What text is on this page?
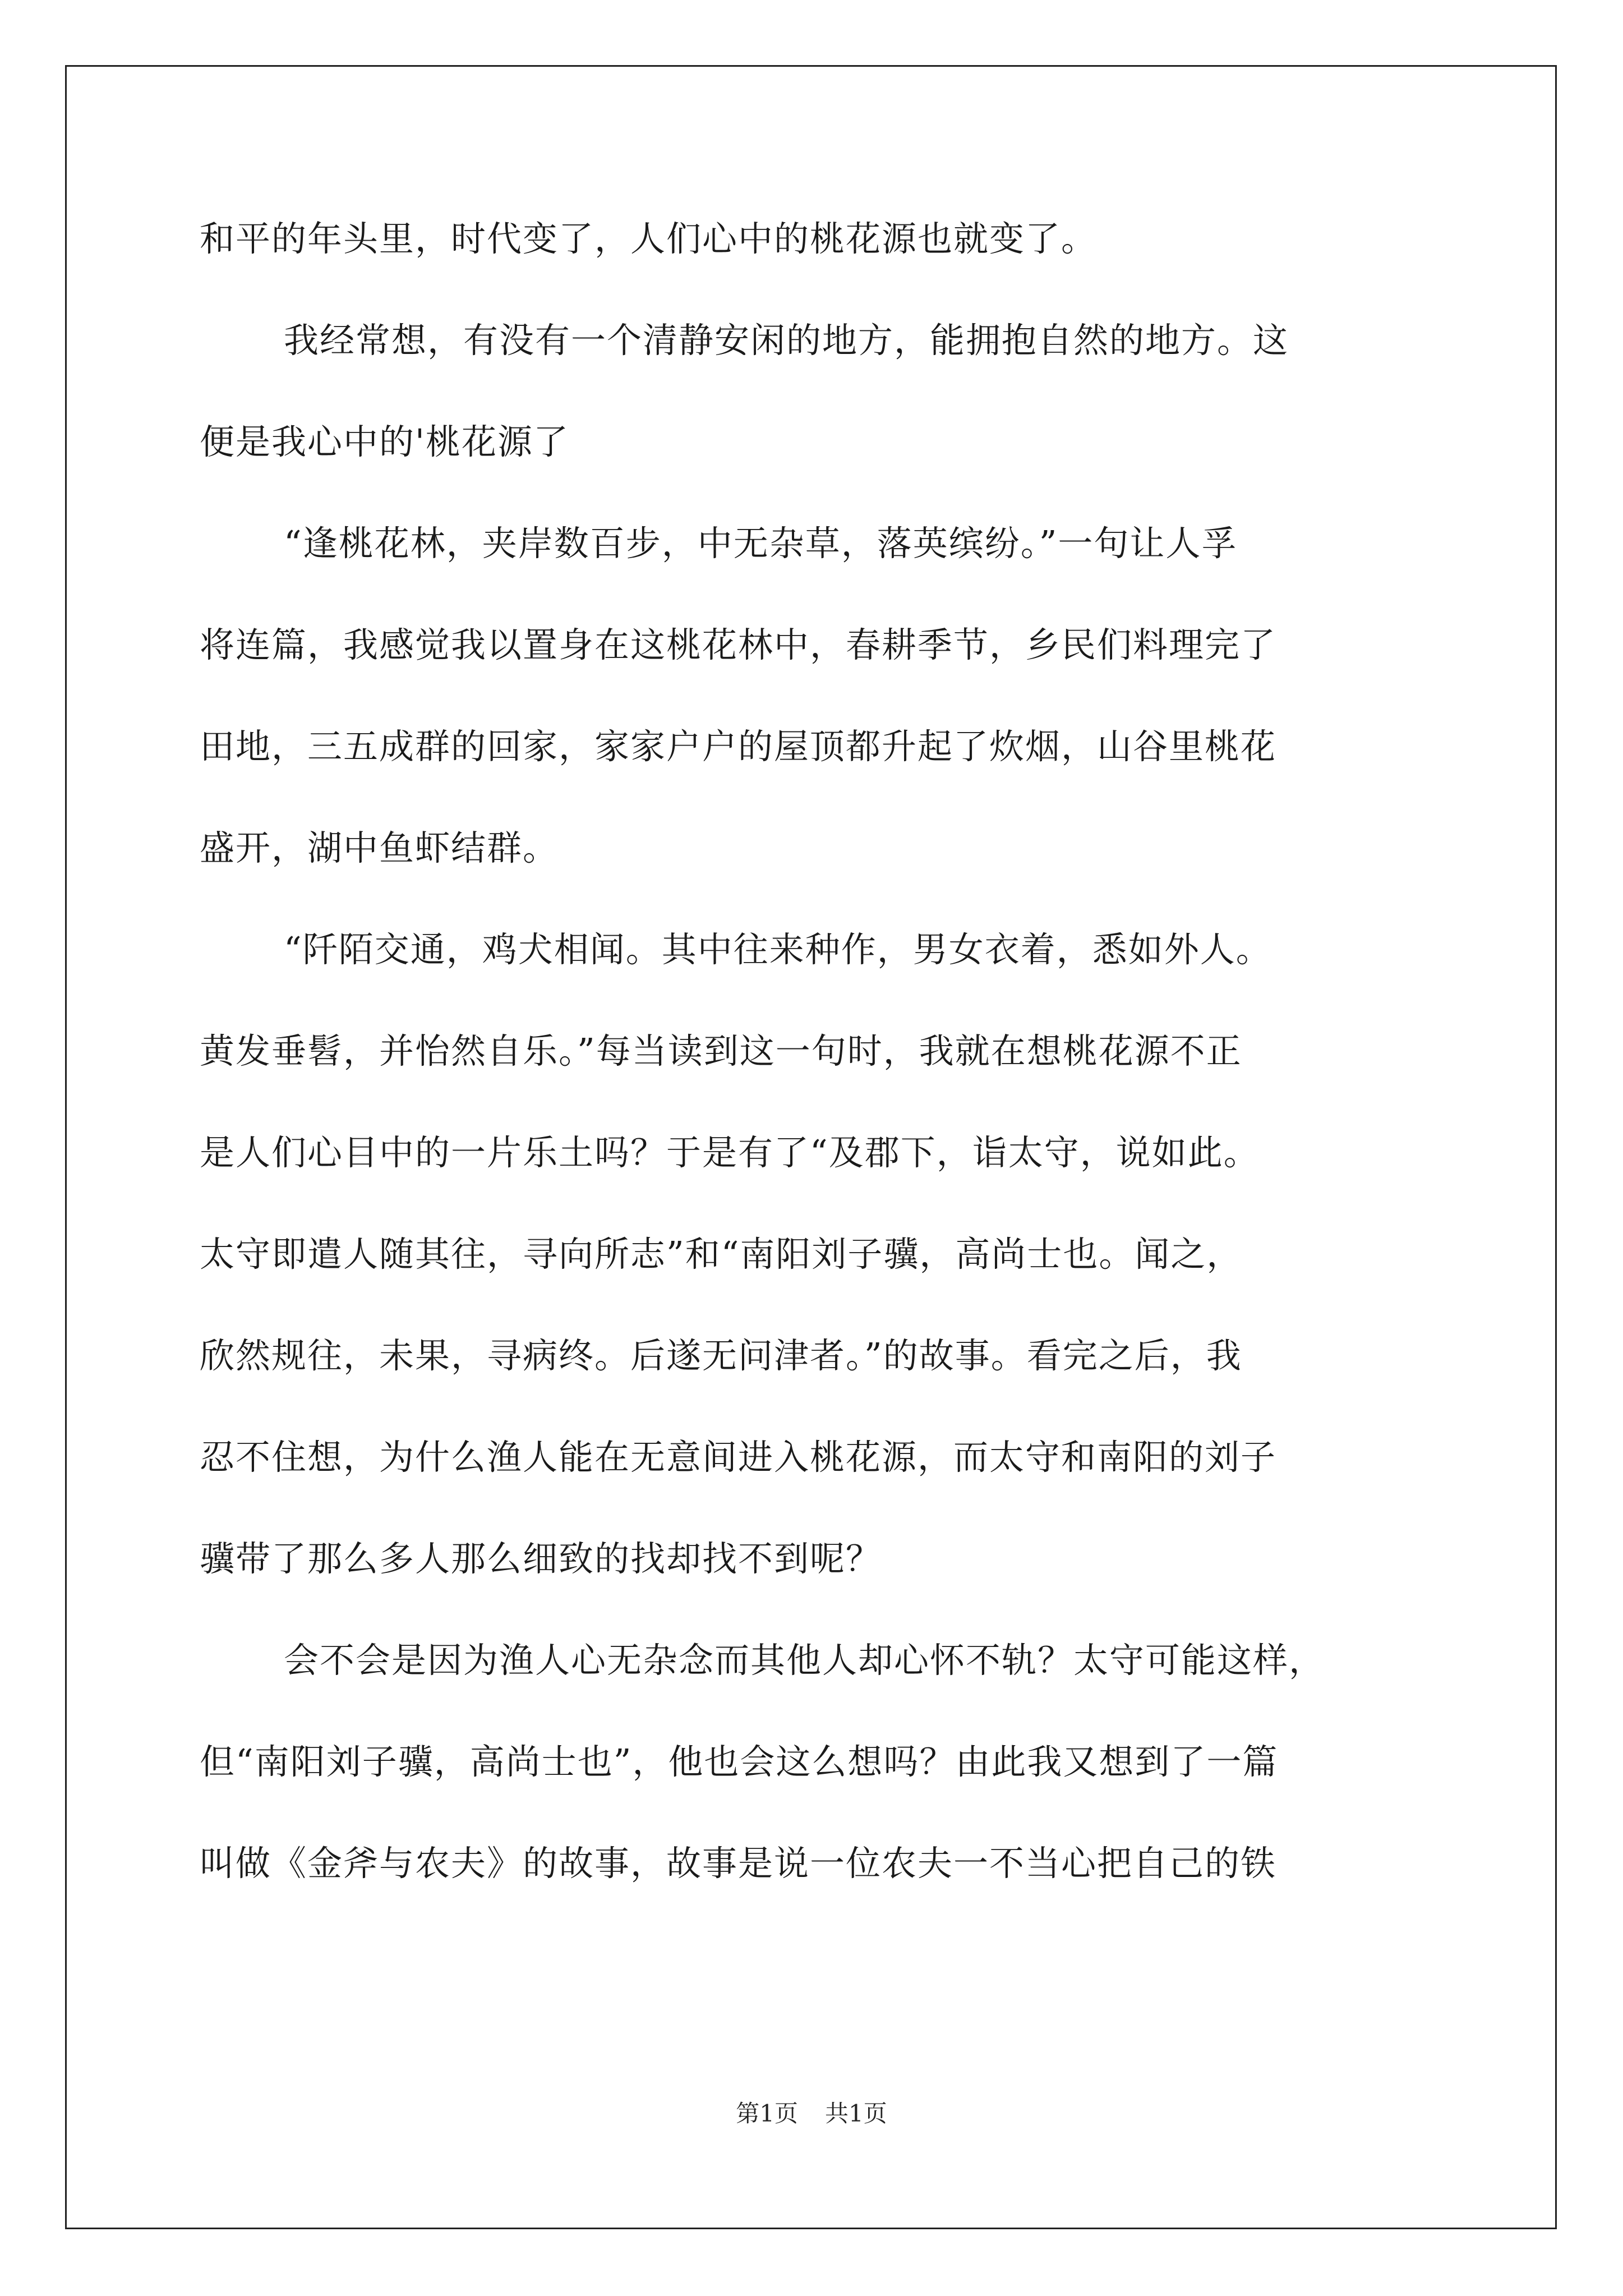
和平的年头里，时代变了，人们心中的桃花源也就变了。
我经常想，有没有一个清静安闲的地方，能拥抱自然的地方。这
便是我心中的'桃花源了
“逢桃花林，夹岸数百步，中无杂草，落英缤纷。”一句让人孚
将连篇，我感觉我以置身在这桃花林中，春耕季节，乡民们料理完了
田地，三五成群的回家，家家户户的屋顶都升起了炊烟，山谷里桃花
盛开，湖中鱼虾结群。
“阡陌交通，鸡犬相闻。其中往来种作，男女衣着，悉如外人。
黄发垂髫，并怡然自乐。”每当读到这一句时，我就在想桃花源不正
是人们心目中的一片乐土吗？于是有了“及郡下，诣太守，说如此。
太守即遣人随其往，寻向所志”和“南阳刘子骥，高尚士也。闻之，
欣然规往，未果，寻病终。后遂无问津者。”的故事。看完之后，我
忍不住想，为什么渔人能在无意间进入桃花源，而太守和南阳的刘子
骥带了那么多人那么细致的找却找不到呢？
会不会是因为渔人心无杂念而其他人却心怀不轨？太守可能这样，
但“南阳刘子骥，高尚士也”，他也会这么想吗？由此我又想到了一篇
叫做《金斧与农夫》的故事，故事是说一位农夫一不当心把自己的铁
第1页 共1页
